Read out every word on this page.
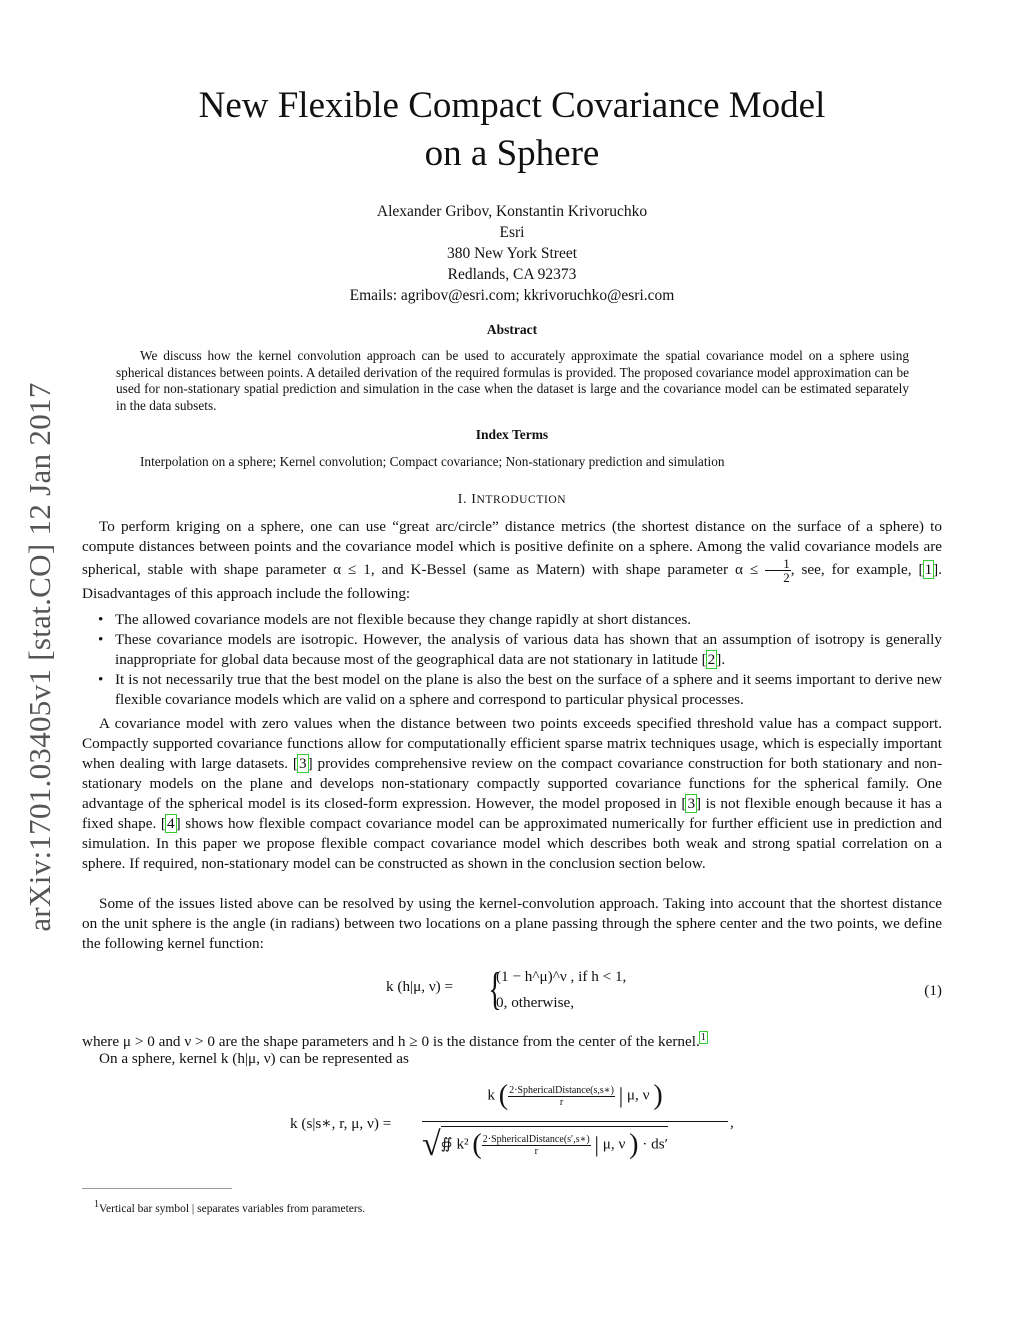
arXiv:1701.03405v1 [stat.CO] 12 Jan 2017
New Flexible Compact Covariance Model
on a Sphere
Alexander Gribov, Konstantin Krivoruchko
Esri
380 New York Street
Redlands, CA 92373
Emails: agribov@esri.com; kkrivoruchko@esri.com
Abstract
We discuss how the kernel convolution approach can be used to accurately approximate the spatial covariance model on a sphere using spherical distances between points. A detailed derivation of the required formulas is provided. The proposed covariance model approximation can be used for non-stationary spatial prediction and simulation in the case when the dataset is large and the covariance model can be estimated separately in the data subsets.
Index Terms
Interpolation on a sphere; Kernel convolution; Compact covariance; Non-stationary prediction and simulation
I. INTRODUCTION
To perform kriging on a sphere, one can use “great arc/circle” distance metrics (the shortest distance on the surface of a sphere) to compute distances between points and the covariance model which is positive definite on a sphere. Among the valid covariance models are spherical, stable with shape parameter α ≤ 1, and K-Bessel (same as Matern) with shape parameter $\alpha \le \frac{1}{2}$ , see, for example, [1]. Disadvantages of this approach include the following:
• The allowed covariance models are not flexible because they change rapidly at short distances.
• These covariance models are isotropic. However, the analysis of various data has shown that an assumption of isotropy is generally inappropriate for global data because most of the geographical data are not stationary in latitude [2].
• It is not necessarily true that the best model on the plane is also the best on the surface of a sphere and it seems important to derive new flexible covariance models which are valid on a sphere and correspond to particular physical processes.
A covariance model with zero values when the distance between two points exceeds specified threshold value has a compact support. Compactly supported covariance functions allow for computationally efficient sparse matrix techniques usage, which is especially important when dealing with large datasets. [3] provides comprehensive review on the compact covariance construction for both stationary and non-stationary models on the plane and develops non-stationary compactly supported covariance functions for the spherical family. One advantage of the spherical model is its closed-form expression. However, the model proposed in [3] is not flexible enough because it has a fixed shape. [4] shows how flexible compact covariance model can be approximated numerically for further efficient use in prediction and simulation. In this paper we propose flexible compact covariance model which describes both weak and strong spatial correlation on a sphere. If required, non-stationary model can be constructed as shown in the conclusion section below.
Some of the issues listed above can be resolved by using the kernel-convolution approach. Taking into account that the shortest distance on the unit sphere is the angle (in radians) between two locations on a plane passing through the sphere center and the two points, we define the following kernel function:
k (h|μ, ν) = {
(1 − h^μ)^ν , if h < 1,
0, otherwise,
(1)
where μ > 0 and ν > 0 are the shape parameters and h ≥ 0 is the distance from the center of the kernel.$^1$
On a sphere, kernel k (h|μ, ν) can be represented as
k (s|s∗, r, μ, ν) =
k ( $\frac{\text{2·SphericalDistance(s,s∗)}}{r}$ | μ, ν )
√∯ k² ( $\frac{\text{2·SphericalDistance(s′,s∗)}}{r}$ | μ, ν ) · ds′
,
1Vertical bar symbol | separates variables from parameters.
